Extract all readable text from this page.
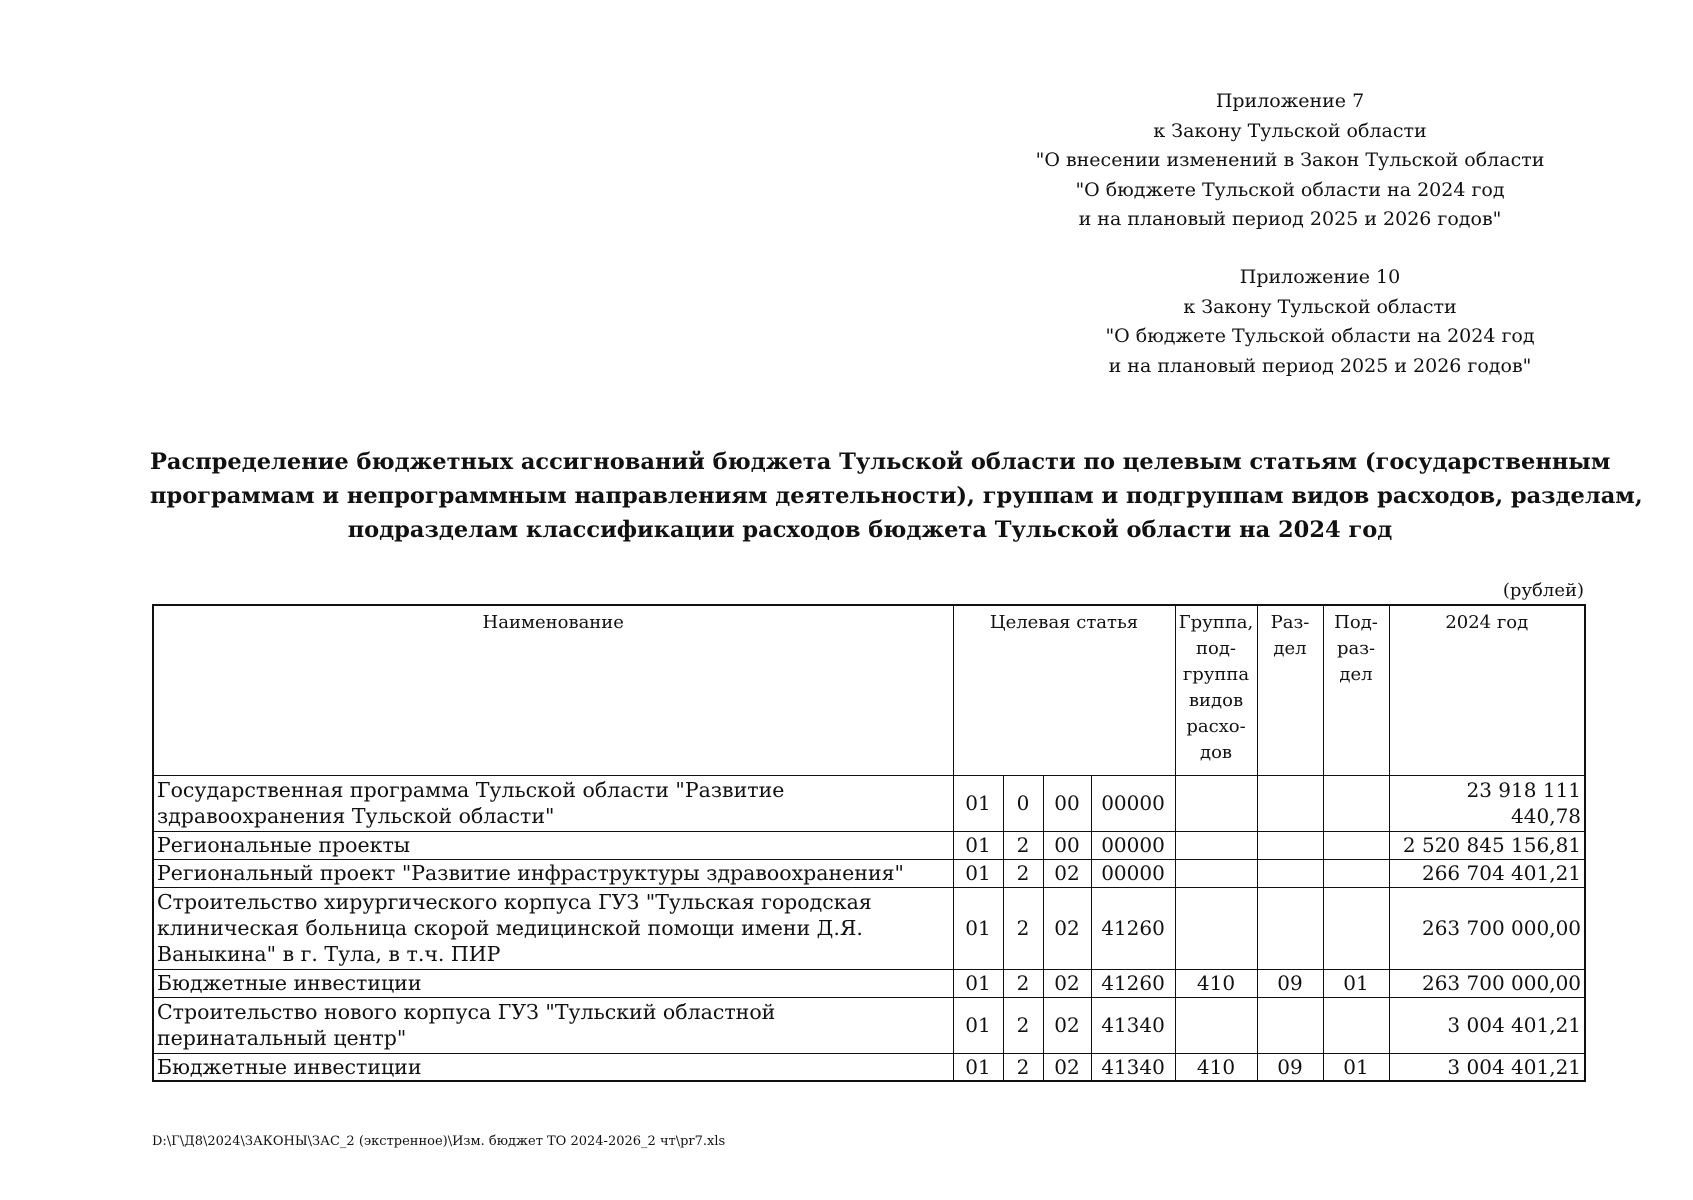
Приложение 7
к Закону Тульской области
"О внесении изменений в Закон Тульской области
"О бюджете Тульской области на 2024 год
и на плановый период 2025 и 2026 годов"
Приложение 10
к Закону Тульской области
"О бюджете Тульской области на 2024 год
и на плановый период 2025 и 2026 годов"
Распределение бюджетных ассигнований бюджета Тульской области по целевым статьям (государственным
программам и непрограммным направлениям деятельности), группам и подгруппам видов расходов, разделам,
подразделам классификации расходов бюджета Тульской области на 2024 год
(рублей)
Наименование	Целевая статья				Группа, под-группа видов расхо-дов	Раз-дел	Под-раз-дел	2024 год
Государственная программа Тульской области "Развитие здравоохранения Тульской области"	01	0	00	00000				23 918 111 440,78
Региональные проекты	01	2	00	00000				2 520 845 156,81
Региональный проект "Развитие инфраструктуры здравоохранения"	01	2	02	00000				266 704 401,21
Строительство хирургического корпуса ГУЗ "Тульская городская клиническая больница скорой медицинской помощи имени Д.Я. Ваныкина" в г. Тула, в т.ч. ПИР	01	2	02	41260				263 700 000,00
Бюджетные инвестиции	01	2	02	41260	410	09	01	263 700 000,00
Строительство нового корпуса ГУЗ "Тульский областной перинатальный центр"	01	2	02	41340				3 004 401,21
Бюджетные инвестиции	01	2	02	41340	410	09	01	3 004 401,21
D:\Г\Д8\2024\ЗАКОНЫ\ЗАС_2 (экстренное)\Изм. бюджет ТО 2024-2026_2 чт\pr7.xls
